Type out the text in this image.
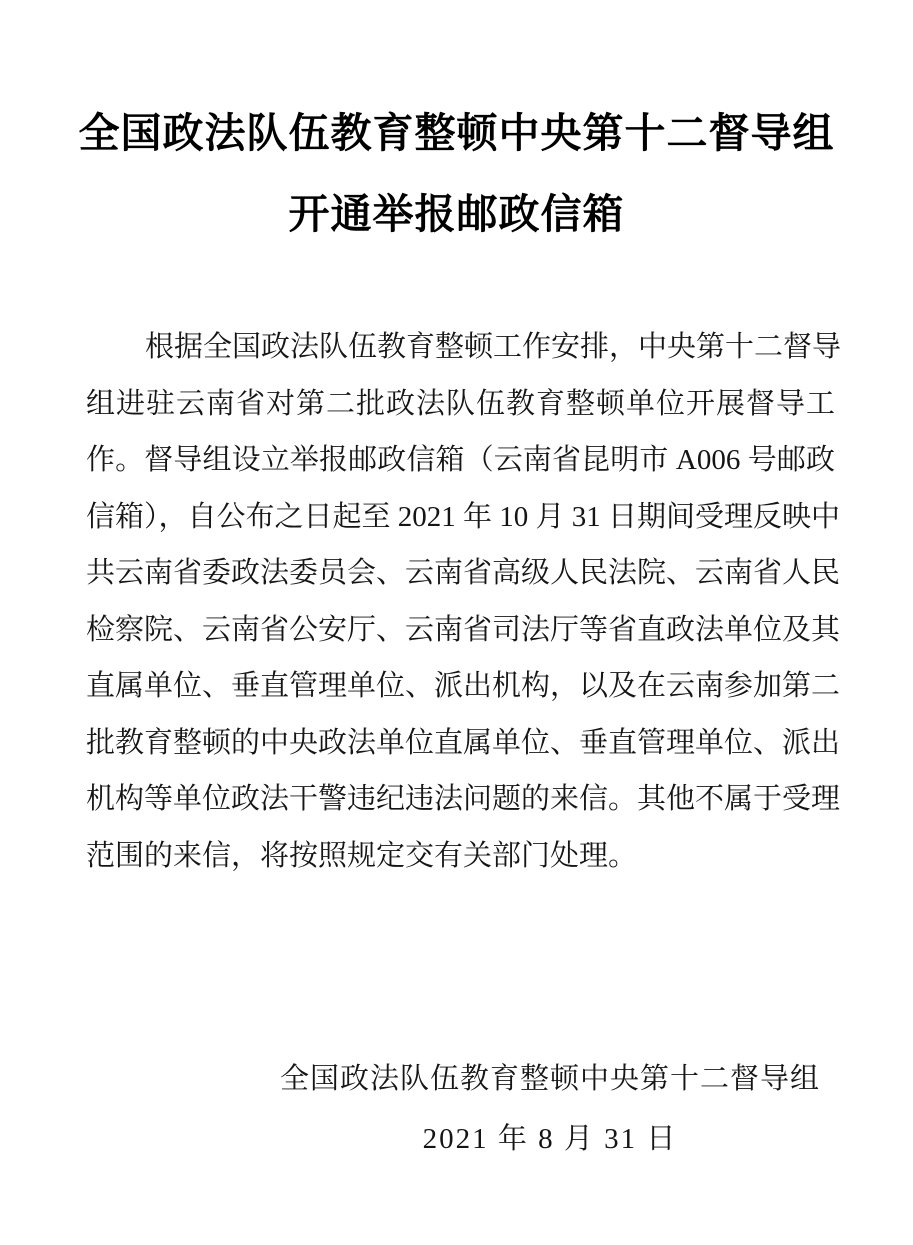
全国政法队伍教育整顿中央第十二督导组
开通举报邮政信箱
根据全国政法队伍教育整顿工作安排，中央第十二督导
组进驻云南省对第二批政法队伍教育整顿单位开展督导工
作。督导组设立举报邮政信箱（云南省昆明市 A006 号邮政
信箱），自公布之日起至 2021 年 10 月 31 日期间受理反映中
共云南省委政法委员会、云南省高级人民法院、云南省人民
检察院、云南省公安厅、云南省司法厅等省直政法单位及其
直属单位、垂直管理单位、派出机构，以及在云南参加第二
批教育整顿的中央政法单位直属单位、垂直管理单位、派出
机构等单位政法干警违纪违法问题的来信。其他不属于受理
范围的来信，将按照规定交有关部门处理。
全国政法队伍教育整顿中央第十二督导组
2021 年 8 月 31 日
